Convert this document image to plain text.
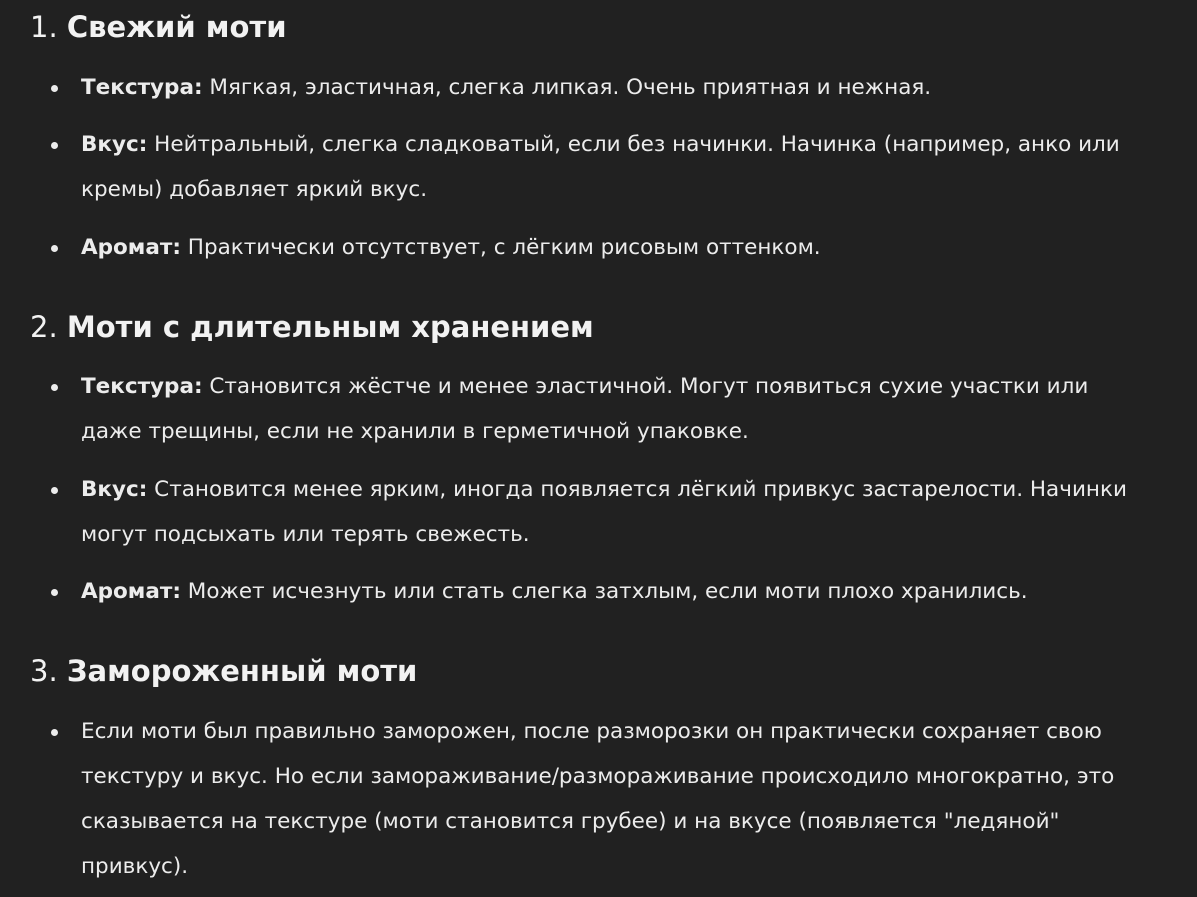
1. Свежий моти
Текстура: Мягкая, эластичная, слегка липкая. Очень приятная и нежная.
Вкус: Нейтральный, слегка сладковатый, если без начинки. Начинка (например, анко или кремы) добавляет яркий вкус.
Аромат: Практически отсутствует, с лёгким рисовым оттенком.
2. Моти с длительным хранением
Текстура: Становится жёстче и менее эластичной. Могут появиться сухие участки или даже трещины, если не хранили в герметичной упаковке.
Вкус: Становится менее ярким, иногда появляется лёгкий привкус застарелости. Начинки могут подсыхать или терять свежесть.
Аромат: Может исчезнуть или стать слегка затхлым, если моти плохо хранились.
3. Замороженный моти
Если моти был правильно заморожен, после разморозки он практически сохраняет свою текстуру и вкус. Но если замораживание/размораживание происходило многократно, это сказывается на текстуре (моти становится грубее) и на вкусе (появляется "ледяной" привкус).
